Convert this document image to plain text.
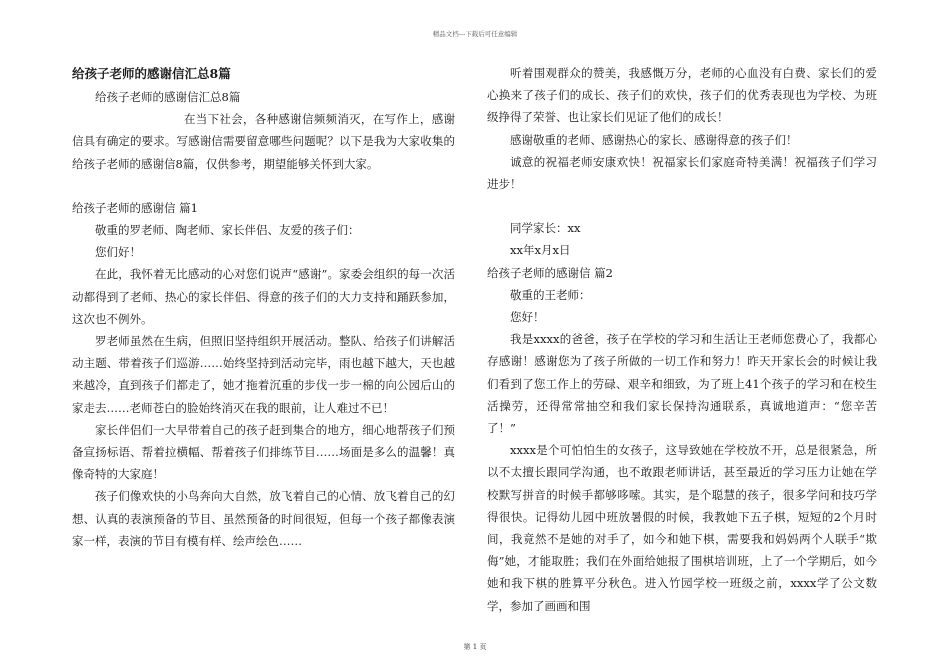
精品文档---下载后可任意编辑

给孩子老师的感谢信汇总8篇

给孩子老师的感谢信汇总8篇

在当下社会，各种感谢信频频消灭，在写作上，感谢信具有确定的要求。写感谢信需要留意哪些问题呢？以下是我为大家收集的给孩子老师的感谢信8篇，仅供参考，期望能够关怀到大家。

给孩子老师的感谢信 篇1

敬重的罗老师、陶老师、家长伴侣、友爱的孩子们：

您们好！

在此，我怀着无比感动的心对您们说声“感谢”。家委会组织的每一次活动都得到了老师、热心的家长伴侣、得意的孩子们的大力支持和踊跃参加，这次也不例外。

罗老师虽然在生病，但照旧坚持组织开展活动。整队、给孩子们讲解活动主题、带着孩子们巡游……始终坚持到活动完毕，雨也越下越大，天也越来越冷，直到孩子们都走了，她才拖着沉重的步伐一步一棉的向公园后山的家走去……老师苍白的脸始终消灭在我的眼前，让人难过不已！

家长伴侣们一大早带着自己的孩子赶到集合的地方，细心地帮孩子们预备宣扬标语、帮着拉横幅、帮着孩子们排练节目……场面是多么的温馨！真像奇特的大家庭！

孩子们像欢快的小鸟奔向大自然，放飞着自己的心情、放飞着自己的幻想、认真的表演预备的节目、虽然预备的时间很短，但每一个孩子都像表演家一样，表演的节目有模有样、绘声绘色……

听着围观群众的赞美，我感慨万分，老师的心血没有白费、家长们的爱心换来了孩子们的成长、孩子们的欢快，孩子们的优秀表现也为学校、为班级挣得了荣誉、也让家长们见证了他们的成长！

感谢敬重的老师、感谢热心的家长、感谢得意的孩子们！

诚意的祝福老师安康欢快！祝福家长们家庭奇特美满！祝福孩子们学习进步！

同学家长：xx

xx年x月x日

给孩子老师的感谢信 篇2

敬重的王老师：

您好！

我是xxxx的爸爸，孩子在学校的学习和生活让王老师您费心了，我都心存感谢！感谢您为了孩子所做的一切工作和努力！昨天开家长会的时候让我们看到了您工作上的劳碌、艰辛和细致，为了班上41个孩子的学习和在校生活操劳，还得常常抽空和我们家长保持沟通联系，真诚地道声：“您辛苦了！”

xxxx是个可怕怕生的女孩子，这导致她在学校放不开，总是很紧急，所以不太擅长跟同学沟通，也不敢跟老师讲话，甚至最近的学习压力让她在学校默写拼音的时候手都够哆嗦。其实，是个聪慧的孩子，很多学问和技巧学得很快。记得幼儿园中班放暑假的时候，我教她下五子棋，短短的2个月时间，我竟然不是她的对手了，如今和她下棋，需要我和妈妈两个人联手“欺侮”她，才能取胜；我们在外面给她报了围棋培训班，上了一个学期后，如今她和我下棋的胜算平分秋色。进入竹园学校一班级之前，xxxx学了公文数学，参加了画画和围

第 1 页
